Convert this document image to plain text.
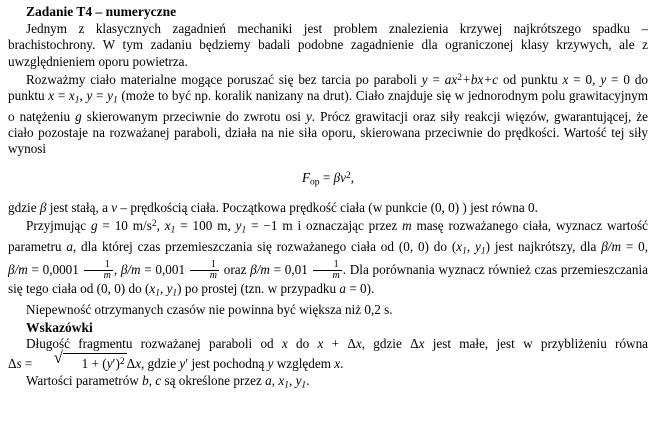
Zadanie T4 – numeryczne

Jednym z klasycznych zagadnień mechaniki jest problem znalezienia krzywej najkrótszego spadku – brachistochrony. W tym zadaniu będziemy badali podobne zagadnienie dla ograniczonej klasy krzywych, ale z uwzględnieniem oporu powietrza.

Rozważmy ciało materialne mogące poruszać się bez tarcia po paraboli $y = ax^2+bx+c$ od punktu x = 0, y = 0 do punktu $x = x_1$, $y = y_1$ (może to być np. koralik nanizany na drut). Ciało znajduje się w jednorodnym polu grawitacyjnym o natężeniu g skierowanym przeciwnie do zwrotu osi y. Prócz grawitacji oraz siły reakcji więzów, gwarantującej, że ciało pozostaje na rozważanej paraboli, działa na nie siła oporu, skierowana przeciwnie do prędkości. Wartość tej siły wynosi

$F_{op} = \beta v^2$,

gdzie β jest stałą, a v – prędkością ciała. Początkowa prędkość ciała (w punkcie (0, 0) ) jest równa 0.

Przyjmując g = 10 $m/s^2$, $x_1 = 100$ m, $y_1 = -1$ m i oznaczając przez m masę rozważanego ciała, wyznacz wartość parametru a, dla której czas przemieszczania się rozważanego ciała od (0, 0) do ($x_1$, $y_1$) jest najkrótszy, dla β/m = 0, $\beta/m = 0,0001 \frac{1}{m}$ , $\beta/m = 0,001 \frac{1}{m}$ oraz $\beta/m = 0,01 \frac{1}{m}$ . Dla porównania wyznacz również czas przemieszczania się tego ciała od (0, 0) do ($x_1$, $y_1$) po prostej (tzn. w przypadku a = 0).

Niepewność otrzymanych czasów nie powinna być większa niż 0,2 s.

Wskazówki

Długość fragmentu rozważanej paraboli od x do x + Δx, gdzie Δx jest małe, jest w przybliżeniu równa Δs =	√ $1 + (y')^2$ Δx, gdzie y′ jest pochodną y względem x.

Wartości parametrów b, c są określone przez a, $x_1$, $y_1$.
